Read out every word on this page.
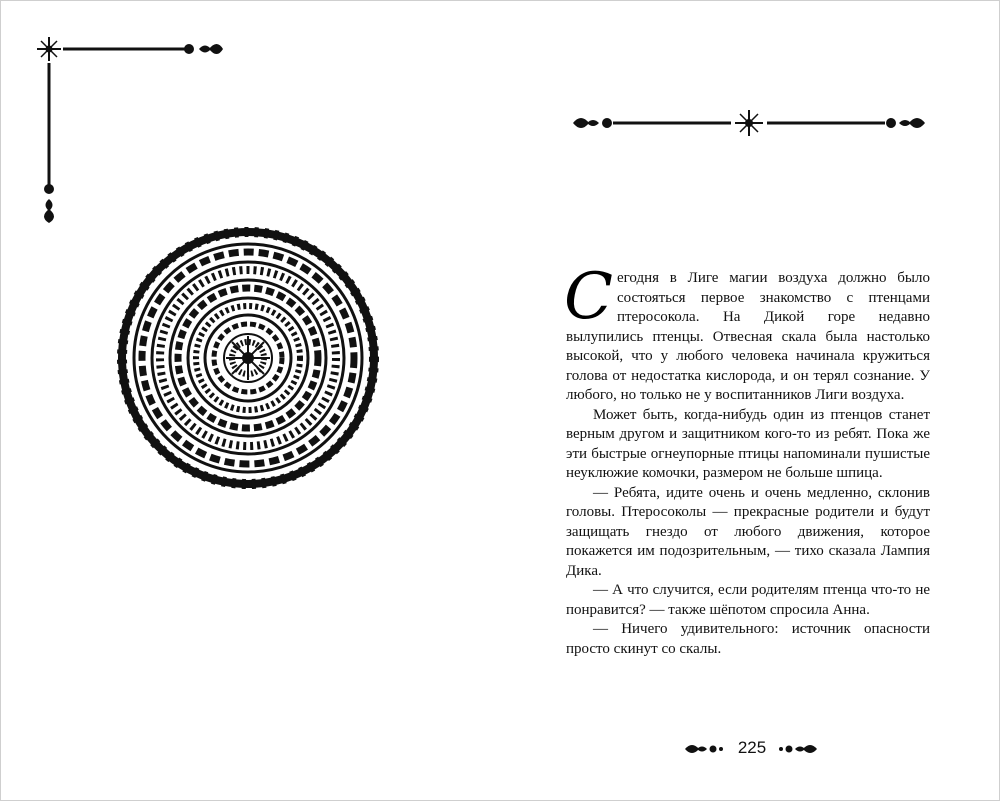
Сегодня в Лиге магии воздуха должно было состояться первое знакомство с птенцами птеросокола. На Дикой горе недавно вылупились птенцы. Отвесная скала была настолько высокой, что у любого человека начинала кружиться голова от недостатка кислорода, и он терял сознание. У любого, но только не у воспитанников Лиги воздуха.

Может быть, когда-нибудь один из птенцов станет верным другом и защитником кого-то из ребят. Пока же эти быстрые огнеупорные птицы напоминали пушистые неуклюжие комочки, размером не больше шпица.

— Ребята, идите очень и очень медленно, склонив головы. Птеросоколы — прекрасные родители и будут защищать гнездо от любого движения, которое покажется им подозрительным, — тихо сказала Лампия Дика.

— А что случится, если родителям птенца что-то не понравится? — также шёпотом спросила Анна.

— Ничего удивительного: источник опасности просто скинут со скалы.

225
